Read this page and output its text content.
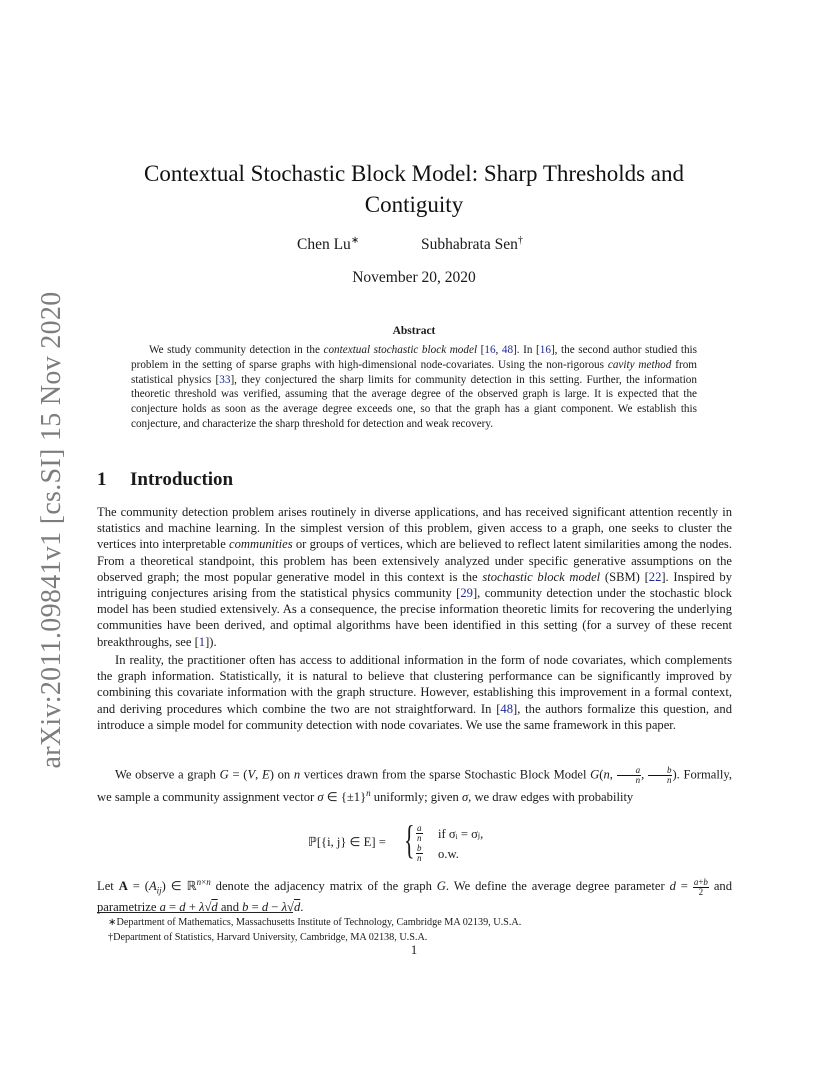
arXiv:2011.09841v1 [cs.SI] 15 Nov 2020
Contextual Stochastic Block Model: Sharp Thresholds and
Contiguity
Chen Lu∗	Subhabrata Sen†
November 20, 2020
Abstract
We study community detection in the contextual stochastic block model [16, 48]. In [16], the second author studied this problem in the setting of sparse graphs with high-dimensional node-covariates. Using the non-rigorous cavity method from statistical physics [33], they conjectured the sharp limits for community detection in this setting. Further, the information theoretic threshold was verified, assuming that the average degree of the observed graph is large. It is expected that the conjecture holds as soon as the average degree exceeds one, so that the graph has a giant component. We establish this conjecture, and characterize the sharp threshold for detection and weak recovery.
1 Introduction
The community detection problem arises routinely in diverse applications, and has received significant attention recently in statistics and machine learning. In the simplest version of this problem, given access to a graph, one seeks to cluster the vertices into interpretable communities or groups of vertices, which are believed to reflect latent similarities among the nodes. From a theoretical standpoint, this problem has been extensively analyzed under specific generative assumptions on the observed graph; the most popular generative model in this context is the stochastic block model (SBM) [22]. Inspired by intriguing conjectures arising from the statistical physics community [29], community detection under the stochastic block model has been studied extensively. As a consequence, the precise information theoretic limits for recovering the underlying communities have been derived, and optimal algorithms have been identified in this setting (for a survey of these recent breakthroughs, see [1]).
In reality, the practitioner often has access to additional information in the form of node covariates, which complements the graph information. Statistically, it is natural to believe that clustering performance can be significantly improved by combining this covariate information with the graph structure. However, establishing this improvement in a formal context, and deriving procedures which combine the two are not straightforward. In [48], the authors formalize this question, and introduce a simple model for community detection with node covariates. We use the same framework in this paper.
We observe a graph G = (V, E) on n vertices drawn from the sparse Stochastic Block Model G(n, $\frac{a}{n}$ , $\frac{b}{n}$ ). Formally, we sample a community assignment vector σ ∈ $\{\pm 1\}^n$ uniformly; given σ, we draw edges with probability
ℙ[{i, j} ∈ E] = { $\frac{a}{n}$ if σᵢ = σⱼ,
$\frac{b}{n} o.w$.
Let $A = (A_{ij})$ ∈ ℝ$^{n\times n}$ denote the adjacency matrix of the graph G. We define the average degree parameter $d = \frac{a+b}{2}$ and parametrize a = d + λ√d and b = d − λ√d.
∗Department of Mathematics, Massachusetts Institute of Technology, Cambridge MA 02139, U.S.A.
†Department of Statistics, Harvard University, Cambridge, MA 02138, U.S.A.
1
